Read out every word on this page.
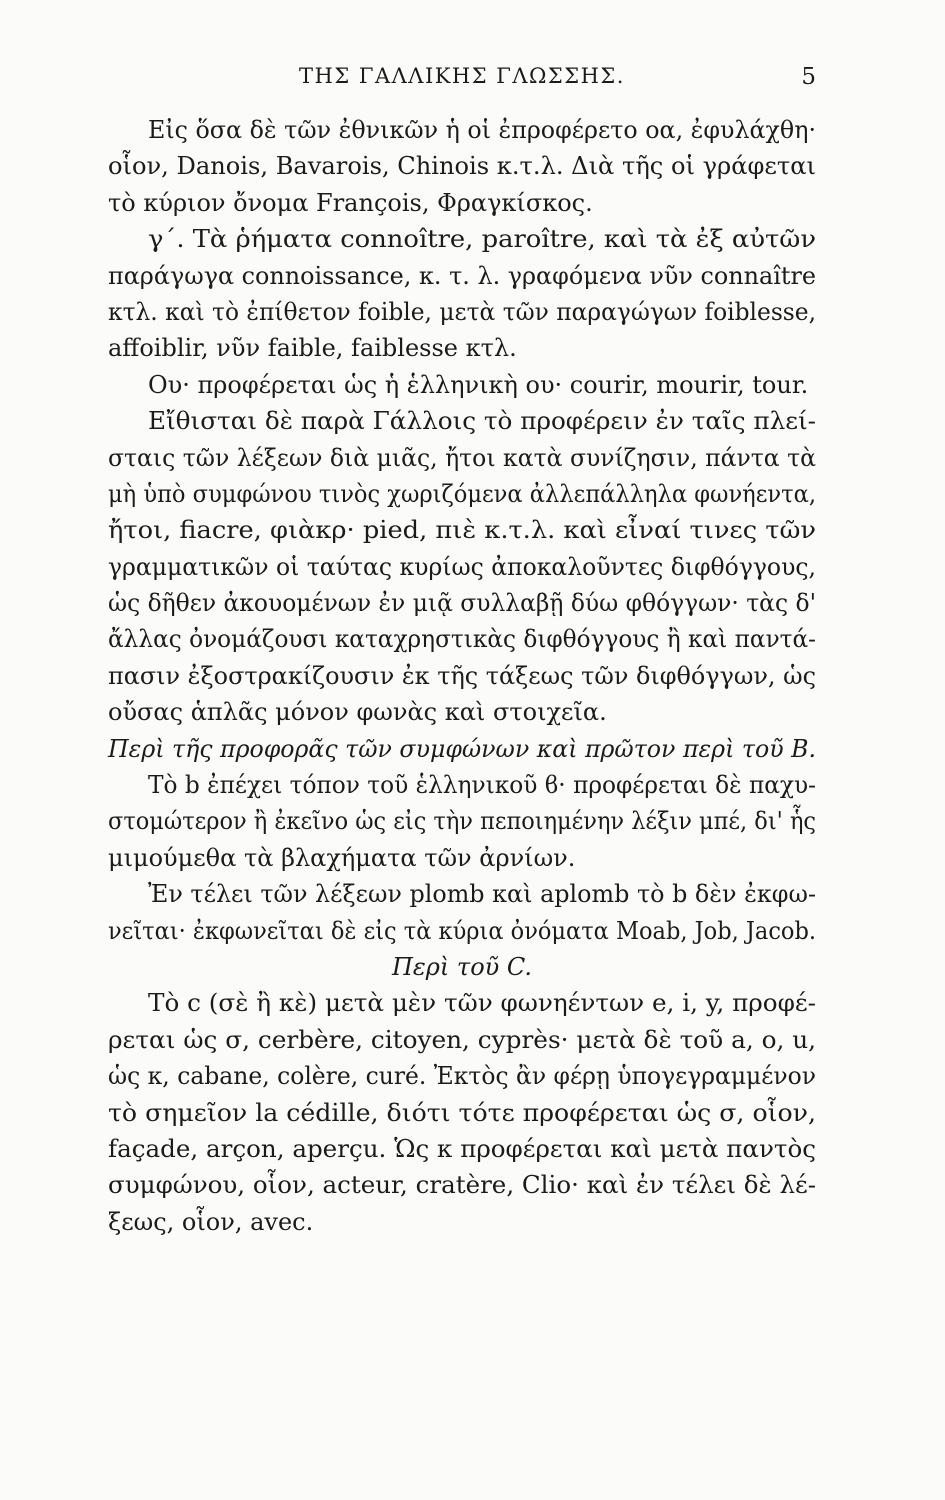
ΤΗΣ ΓΑΛΛΙΚΗΣ ΓΛΩΣΣΗΣ.	5
Εἰς ὅσα δὲ τῶν ἐθνικῶν ἡ οἱ ἐπροφέρετο οα, ἐφυλάχθη·
οἷον, Danois, Bavarois, Chinois κ.τ.λ. Διὰ τῆς οἱ γράφεται
τὸ κύριον ὄνομα François, Φραγκίσκος.
γ΄. Τὰ ῥήματα connoître, paroître, καὶ τὰ ἐξ αὐτῶν
παράγωγα connoissance, κ. τ. λ. γραφόμενα νῦν connaître
κτλ. καὶ τὸ ἐπίθετον foible, μετὰ τῶν παραγώγων foiblesse,
affoiblir, νῦν faible, faiblesse κτλ.
Ου· προφέρεται ὡς ἡ ἑλληνικὴ ου· courir, mourir, tour.
Εἴθισται δὲ παρὰ Γάλλοις τὸ προφέρειν ἐν ταῖς πλεί-
σταις τῶν λέξεων διὰ μιᾶς, ἤτοι κατὰ συνίζησιν, πάντα τὰ
μὴ ὑπὸ συμφώνου τινὸς χωριζόμενα ἀλλεπάλληλα φωνήεντα,
ἤτοι, fiacre, φιὰκρ· pied, πιὲ κ.τ.λ. καὶ εἶναί τινες τῶν
γραμματικῶν οἱ ταύτας κυρίως ἀποκαλοῦντες διφθόγγους,
ὡς δῆθεν ἀκουομένων ἐν μιᾷ συλλαβῇ δύω φθόγγων· τὰς δ'
ἄλλας ὀνομάζουσι καταχρηστικὰς διφθόγγους ἢ καὶ παντά-
πασιν ἐξοστρακίζουσιν ἐκ τῆς τάξεως τῶν διφθόγγων, ὡς
οὔσας ἁπλᾶς μόνον φωνὰς καὶ στοιχεῖα.
Περὶ τῆς προφορᾶς τῶν συμφώνων καὶ πρῶτον περὶ τοῦ B.
Τὸ b ἐπέχει τόπον τοῦ ἑλληνικοῦ ϐ· προφέρεται δὲ παχυ-
στομώτερον ἢ ἐκεῖνο ὡς εἰς τὴν πεποιημένην λέξιν μπέ, δι' ἧς
μιμούμεθα τὰ βλαχήματα τῶν ἀρνίων.
Ἐν τέλει τῶν λέξεων plomb καὶ aplomb τὸ b δὲν ἐκφω-
νεῖται· ἐκφωνεῖται δὲ εἰς τὰ κύρια ὀνόματα Moab, Job, Jacob.
Περὶ τοῦ C.
Τὸ c (σὲ ἢ κὲ) μετὰ μὲν τῶν φωνηέντων e, i, y, προφέ-
ρεται ὡς σ, cerbère, citoyen, cyprès· μετὰ δὲ τοῦ a, o, u,
ὡς κ, cabane, colère, curé. Ἐκτὸς ἂν φέρῃ ὑπογεγραμμένον
τὸ σημεῖον la cédille, διότι τότε προφέρεται ὡς σ, οἷον,
façade, arçon, aperçu. Ὡς κ προφέρεται καὶ μετὰ παντὸς
συμφώνου, οἷον, acteur, cratère, Clio· καὶ ἐν τέλει δὲ λέ-
ξεως, οἷον, avec.
